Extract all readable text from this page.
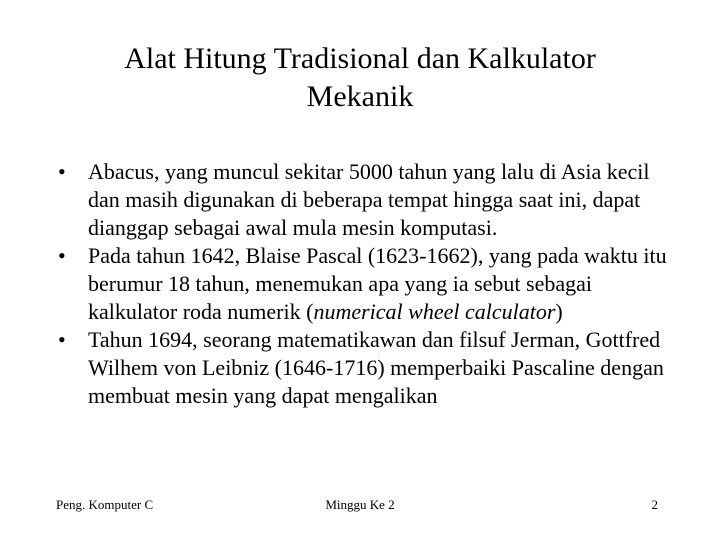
Alat Hitung Tradisional dan Kalkulator
Mekanik
• Abacus, yang muncul sekitar 5000 tahun yang lalu di Asia kecil dan masih digunakan di beberapa tempat hingga saat ini, dapat dianggap sebagai awal mula mesin komputasi.
• Pada tahun 1642, Blaise Pascal (1623-1662), yang pada waktu itu berumur 18 tahun, menemukan apa yang ia sebut sebagai kalkulator roda numerik (numerical wheel calculator)
• Tahun 1694, seorang matematikawan dan filsuf Jerman, Gottfred Wilhem von Leibniz (1646-1716) memperbaiki Pascaline dengan membuat mesin yang dapat mengalikan
Peng. Komputer C	Minggu Ke 2	2
